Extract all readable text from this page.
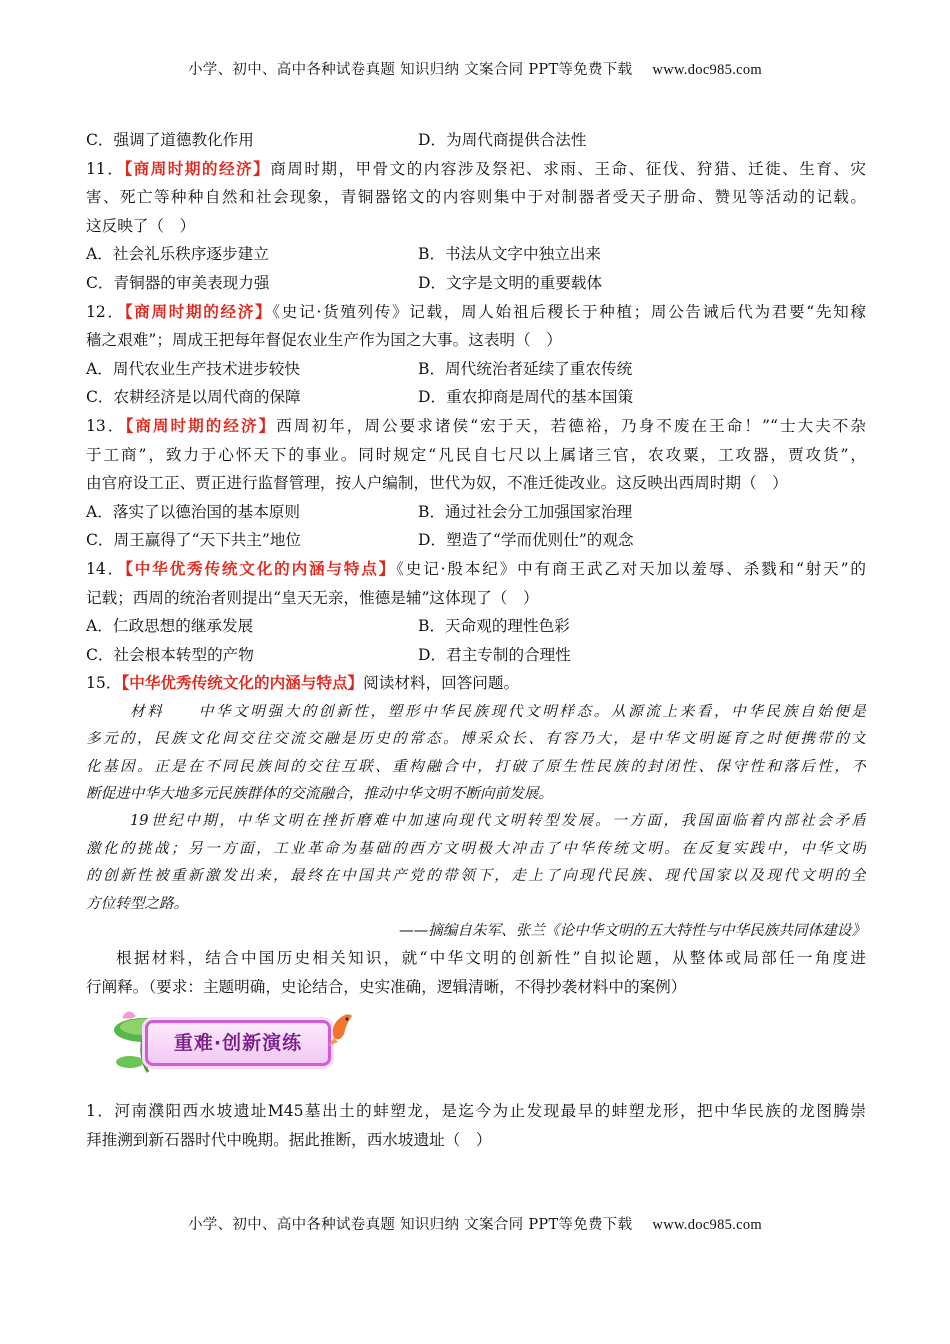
小学、初中、高中各种试卷真题 知识归纳 文案合同 PPT等免费下载 www.doc985.com
C．强调了道德教化作用	D．为周代商提供合法性
11．【商周时期的经济】商周时期，甲骨文的内容涉及祭祀、求雨、王命、征伐、狩猎、迁徙、生育、灾
害、死亡等种种自然和社会现象，青铜器铭文的内容则集中于对制器者受天子册命、赞见等活动的记载。
这反映了（　）
A．社会礼乐秩序逐步建立	B．书法从文字中独立出来
C．青铜器的审美表现力强	D．文字是文明的重要载体
12．【商周时期的经济】《史记·货殖列传》记载，周人始祖后稷长于种植；周公告诫后代为君要“先知稼
穑之艰难”；周成王把每年督促农业生产作为国之大事。这表明（　）
A．周代农业生产技术进步较快	B．周代统治者延续了重农传统
C．农耕经济是以周代商的保障	D．重农抑商是周代的基本国策
13．【商周时期的经济】西周初年，周公要求诸侯“宏于天，若德裕，乃身不废在王命！”“士大夫不杂
于工商”，致力于心怀天下的事业。同时规定“凡民自七尺以上属诸三官，农攻粟，工攻器，贾攻货”，
由官府设工正、贾正进行监督管理，按人户编制，世代为奴，不准迁徙改业。这反映出西周时期（　）
A．落实了以德治国的基本原则	B．通过社会分工加强国家治理
C．周王赢得了“天下共主”地位	D．塑造了“学而优则仕”的观念
14．【中华优秀传统文化的内涵与特点】《史记·殷本纪》中有商王武乙对天加以羞辱、杀戮和“射天”的
记载；西周的统治者则提出“皇天无亲，惟德是辅”这体现了（　）
A．仁政思想的继承发展	B．天命观的理性色彩
C．社会根本转型的产物	D．君主专制的合理性
15．【中华优秀传统文化的内涵与特点】阅读材料，回答问题。
材料　　中华文明强大的创新性，塑形中华民族现代文明样态。从源流上来看，中华民族自始便是
多元的，民族文化间交往交流交融是历史的常态。博采众长、有容乃大，是中华文明诞育之时便携带的文
化基因。正是在不同民族间的交往互联、重构融合中，打破了原生性民族的封闭性、保守性和落后性，不
断促进中华大地多元民族群体的交流融合，推动中华文明不断向前发展。
19世纪中期，中华文明在挫折磨难中加速向现代文明转型发展。一方面，我国面临着内部社会矛盾
激化的挑战；另一方面，工业革命为基础的西方文明极大冲击了中华传统文明。在反复实践中，中华文明
的创新性被重新激发出来，最终在中国共产党的带领下，走上了向现代民族、现代国家以及现代文明的全
方位转型之路。
——摘编自朱军、张兰《论中华文明的五大特性与中华民族共同体建设》
根据材料，结合中国历史相关知识，就“中华文明的创新性”自拟论题，从整体或局部任一角度进
行阐释。（要求：主题明确，史论结合，史实准确，逻辑清晰，不得抄袭材料中的案例）
重难·创新演练
1．河南濮阳西水坡遗址M45墓出土的蚌塑龙，是迄今为止发现最早的蚌塑龙形，把中华民族的龙图腾崇
拜推溯到新石器时代中晚期。据此推断，西水坡遗址（　）
小学、初中、高中各种试卷真题 知识归纳 文案合同 PPT等免费下载 www.doc985.com
